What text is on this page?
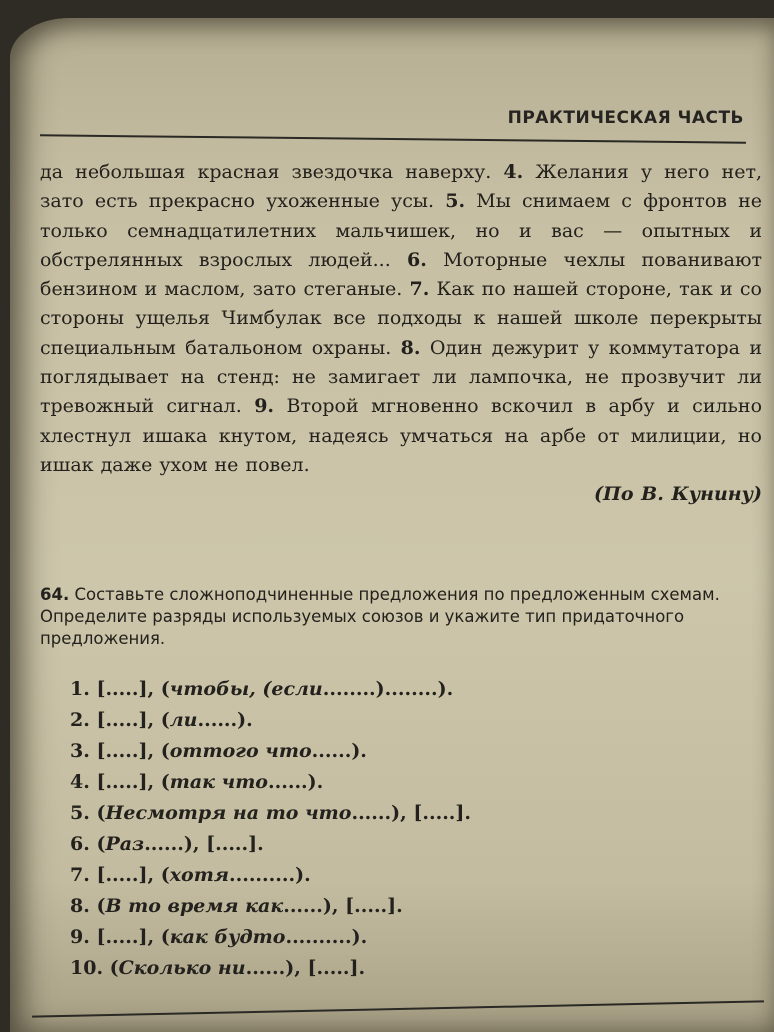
ПРАКТИЧЕСКАЯ ЧАСТЬ
да небольшая красная звездочка наверху. 4. Желания у него нет, зато есть прекрасно ухоженные усы. 5. Мы снимаем с фронтов не только семнадцатилетних мальчишек, но и вас — опытных и обстрелянных взрослых людей... 6. Моторные чехлы пованивают бензином и маслом, зато стеганые. 7. Как по нашей стороне, так и со стороны ущелья Чимбулак все подходы к нашей школе перекрыты специальным батальоном охраны. 8. Один дежурит у коммутатора и поглядывает на стенд: не замигает ли лампочка, не прозвучит ли тревожный сигнал. 9. Второй мгновенно вскочил в арбу и сильно хлестнул ишака кнутом, надеясь умчаться на арбе от милиции, но ишак даже ухом не повел.
(По В. Кунину)
64. Составьте сложноподчиненные предложения по предложенным схемам. Определите разряды используемых союзов и укажите тип придаточного предложения.
1. [.....], (чтобы, (если........)........).
2. [.....], (ли......).
3. [.....], (оттого что......).
4. [.....], (так что......).
5. (Несмотря на то что......), [.....].
6. (Раз......), [.....].
7. [.....], (хотя..........).
8. (В то время как......), [.....].
9. [.....], (как будто..........).
10. (Сколько ни......), [.....].
